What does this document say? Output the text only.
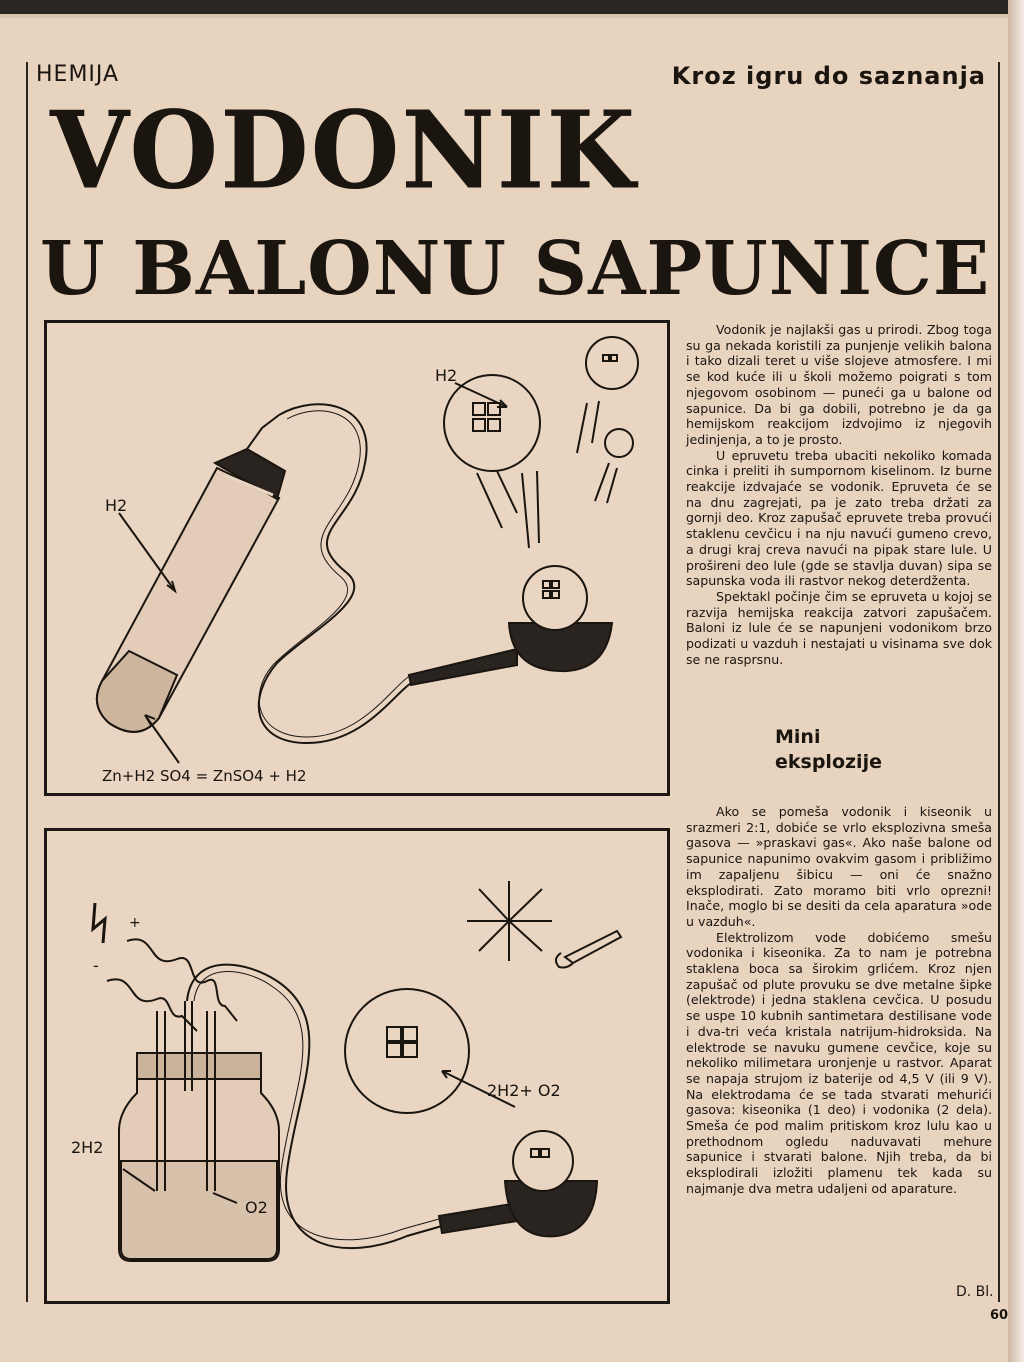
HEMIJA	Kroz igru do saznanja
VODONIK
U BALONU SAPUNICE
H2
H2
Zn+H2 SO4 = ZnSO4 + H2
+
-
2H2
O2
2H2+ O2

Vodonik je najlakši gas u prirodi. Zbog toga su ga nekada koristili za punjenje velikih balona i tako dizali teret u više slojeve atmosfere. I mi se kod kuće ili u školi možemo poigrati s tom njegovom osobinom — puneći ga u balone od sapunice. Da bi ga dobili, potrebno je da ga hemijskom reakcijom izdvojimo iz njegovih jedinjenja, a to je prosto.

U epruvetu treba ubaciti nekoliko komada cinka i preliti ih sumpornom kiselinom. Iz burne reakcije izdvajaće se vodonik. Epruveta će se na dnu zagrejati, pa je zato treba držati za gornji deo. Kroz zapušač epruvete treba provući staklenu cevčicu i na nju navući gumeno crevo, a drugi kraj creva navući na pipak stare lule. U prošireni deo lule (gde se stavlja duvan) sipa se sapunska voda ili rastvor nekog deterdženta.

Spektakl počinje čim se epruveta u kojoj se razvija hemijska reakcija zatvori zapušačem. Baloni iz lule će se napunjeni vodonikom brzo podizati u vazduh i nestajati u visinama sve dok se ne rasprsnu.

Mini
eksplozije

Ako se pomeša vodonik i kiseonik u srazmeri 2:1, dobiće se vrlo eksplozivna smeša gasova — »praskavi gas«. Ako naše balone od sapunice napunimo ovakvim gasom i približimo im zapaljenu šibicu — oni će snažno eksplodirati. Zato moramo biti vrlo oprezni! Inače, moglo bi se desiti da cela aparatura »ode u vazduh«.

Elektrolizom vode dobićemo smešu vodonika i kiseonika. Za to nam je potrebna staklena boca sa širokim grlićem. Kroz njen zapušač od plute provuku se dve metalne šipke (elektrode) i jedna staklena cevčica. U posudu se uspe 10 kubnih santimetara destilisane vode i dva-tri veća kristala natrijum-hidroksida. Na elektrode se navuku gumene cevčice, koje su nekoliko milimetara uronjenje u rastvor. Aparat se napaja strujom iz baterije od 4,5 V (ili 9 V). Na elektrodama će se tada stvarati mehurići gasova: kiseonika (1 deo) i vodonika (2 dela). Smeša će pod malim pritiskom kroz lulu kao u prethodnom ogledu naduvavati mehure sapunice i stvarati balone. Njih treba, da bi eksplodirali izložiti plamenu tek kada su najmanje dva metra udaljeni od aparature.

D. Bl.
60
